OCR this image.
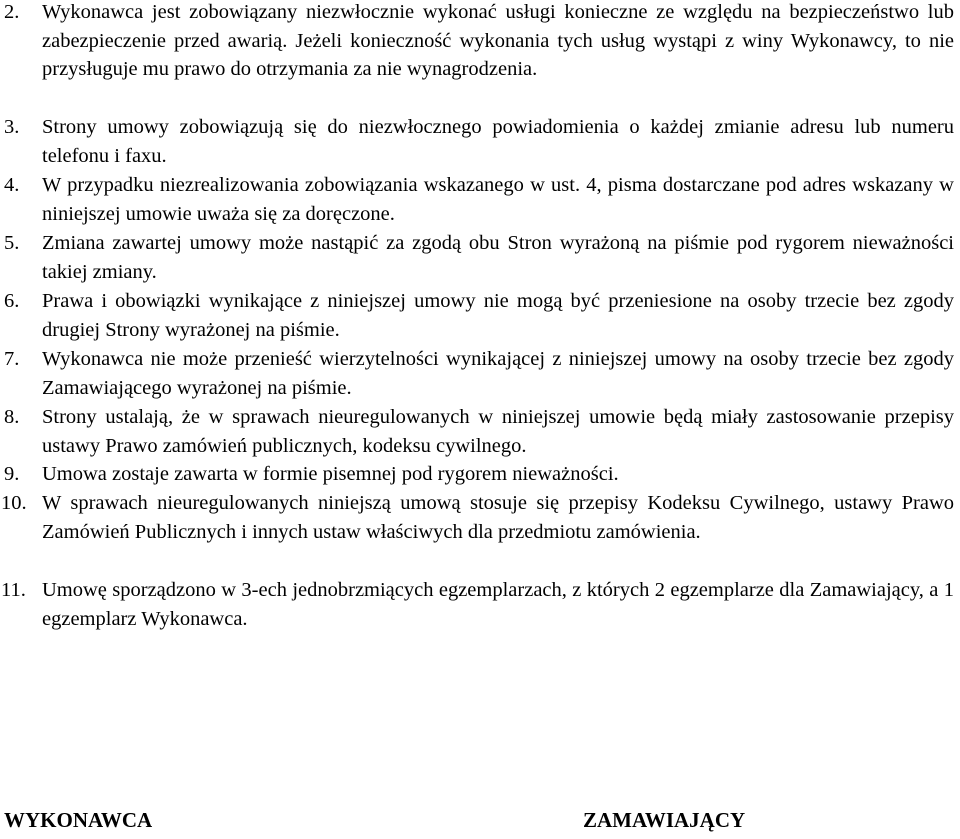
2. Wykonawca jest zobowiązany niezwłocznie wykonać usługi konieczne ze względu na bezpieczeństwo lub zabezpieczenie przed awarią. Jeżeli konieczność wykonania tych usług wystąpi z winy Wykonawcy, to nie przysługuje mu prawo do otrzymania za nie wynagrodzenia.
3. Strony umowy zobowiązują się do niezwłocznego powiadomienia o każdej zmianie adresu lub numeru telefonu i faxu.
4. W przypadku niezrealizowania zobowiązania wskazanego w ust. 4, pisma dostarczane pod adres wskazany w niniejszej umowie uważa się za doręczone.
5. Zmiana zawartej umowy może nastąpić za zgodą obu Stron wyrażoną na piśmie pod rygorem nieważności takiej zmiany.
6. Prawa i obowiązki wynikające z niniejszej umowy nie mogą być przeniesione na osoby trzecie bez zgody drugiej Strony wyrażonej na piśmie.
7. Wykonawca nie może przenieść wierzytelności wynikającej z niniejszej umowy na osoby trzecie bez zgody Zamawiającego wyrażonej na piśmie.
8. Strony ustalają, że w sprawach nieuregulowanych w niniejszej umowie będą miały zastosowanie przepisy ustawy Prawo zamówień publicznych, kodeksu cywilnego.
9. Umowa zostaje zawarta w formie pisemnej pod rygorem nieważności.
10. W sprawach nieuregulowanych niniejszą umową stosuje się przepisy Kodeksu Cywilnego, ustawy Prawo Zamówień Publicznych i innych ustaw właściwych dla przedmiotu zamówienia.
11. Umowę sporządzono w 3-ech jednobrzmiących egzemplarzach, z których 2 egzemplarze dla Zamawiający, a 1 egzemplarz Wykonawca.
WYKONAWCA	ZAMAWIAJĄCY
